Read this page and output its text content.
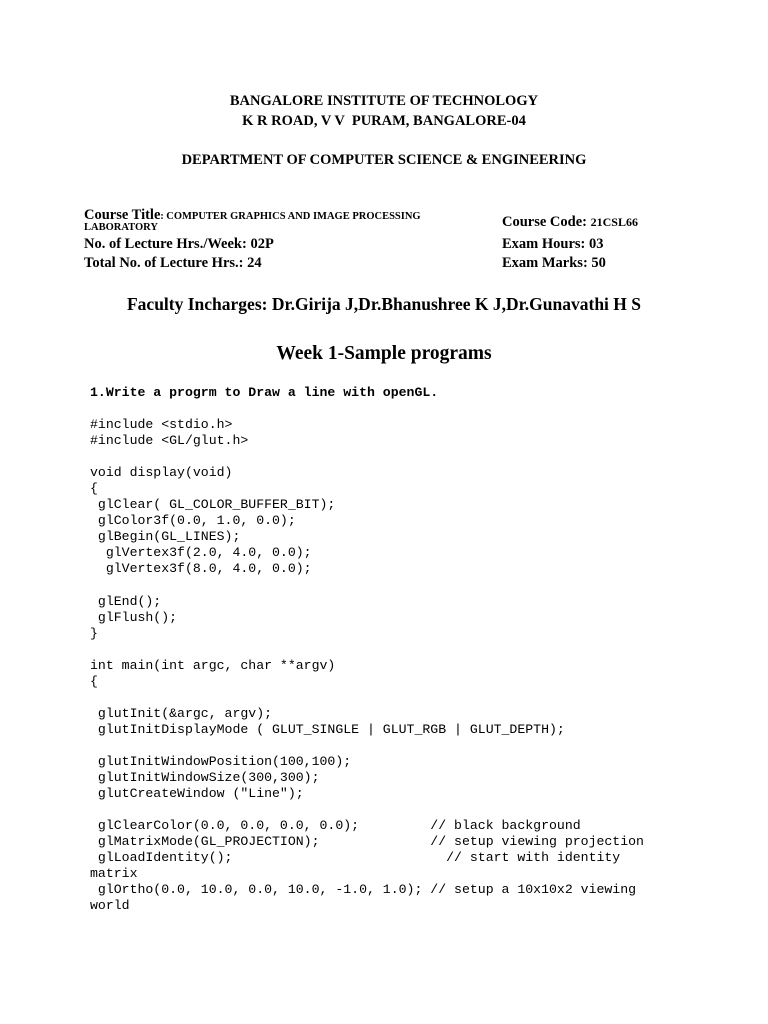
BANGALORE INSTITUTE OF TECHNOLOGY
K R ROAD, V V  PURAM, BANGALORE-04
DEPARTMENT OF COMPUTER SCIENCE & ENGINEERING
Course Title: COMPUTER GRAPHICS AND IMAGE PROCESSING
LABORATORY	Course Code: 21CSL66
No. of Lecture Hrs./Week: 02P	Exam Hours: 03
Total No. of Lecture Hrs.: 24	Exam Marks: 50
Faculty Incharges: Dr.Girija J,Dr.Bhanushree K J,Dr.Gunavathi H S
Week 1-Sample programs
1.Write a progrm to Draw a line with openGL.
#include <stdio.h>
#include <GL/glut.h>

void display(void)
{
glClear( GL_COLOR_BUFFER_BIT);
glColor3f(0.0, 1.0, 0.0);
glBegin(GL_LINES);
glVertex3f(2.0, 4.0, 0.0);
glVertex3f(8.0, 4.0, 0.0);

glEnd();
glFlush();
}

int main(int argc, char **argv)
{

glutInit(&argc, argv);
glutInitDisplayMode ( GLUT_SINGLE | GLUT_RGB | GLUT_DEPTH);

glutInitWindowPosition(100,100);
glutInitWindowSize(300,300);
glutCreateWindow ("Line");

glClearColor(0.0, 0.0, 0.0, 0.0);         // black background
glMatrixMode(GL_PROJECTION);              // setup viewing projection
glLoadIdentity();                           // start with identity
matrix
glOrtho(0.0, 10.0, 0.0, 10.0, -1.0, 1.0); // setup a 10x10x2 viewing
world
